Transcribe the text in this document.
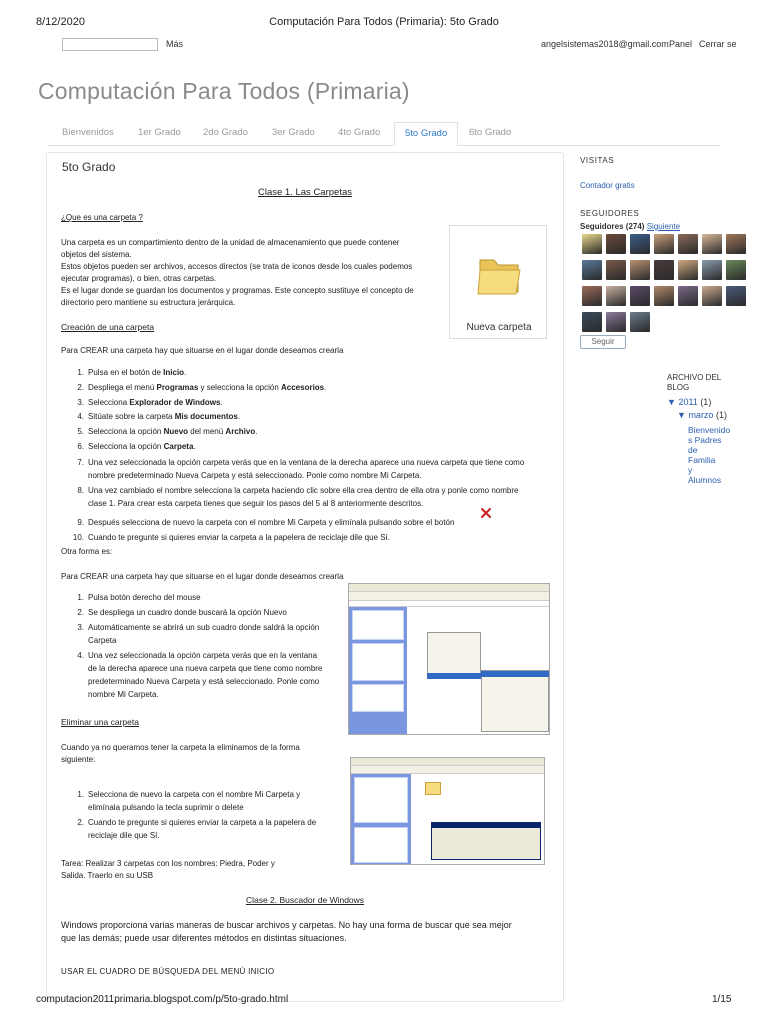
8/12/2020	Computación Para Todos (Primaria): 5to Grado
Más	angelsistemas2018@gmail.com Panel Cerrar se
Computación Para Todos (Primaria)
Bienvenidos	1er Grado	2do Grado	3er Grado	4to Grado	5to Grado	6to Grado
5to Grado
Clase 1. Las Carpetas
¿Que es una carpeta ?
Una carpeta es un compartimiento dentro de la unidad de almacenamiento que puede contener
objetos del sistema.
Estos objetos pueden ser archivos, accesos directos (se trata de iconos desde los cuales podemos
ejecutar programas), o bien, otras carpetas.
Es el lugar donde se guardan los documentos y programas. Este concepto sustituye el concepto de
directorio pero mantiene su estructura jerárquica.
Nueva carpeta
Creación de una carpeta
Para CREAR una carpeta hay que situarse en el lugar donde deseamos crearla
1. Pulsa en el botón de Inicio.
2. Despliega el menú Programas y selecciona la opción Accesorios.
3. Selecciona Explorador de Windows.
4. Sitúate sobre la carpeta Mis documentos.
5. Selecciona la opción Nuevo del menú Archivo.
6. Selecciona la opción Carpeta.
7. Una vez seleccionada la opción carpeta verás que en la ventana de la derecha aparece una nueva carpeta que tiene como
nombre predeterminado Nueva Carpeta y está seleccionado. Ponle como nombre Mi Carpeta.
8. Una vez cambiado el nombre selecciona la carpeta haciendo clic sobre ella crea dentro de ella otra y ponle como nombre
clase 1. Para crear esta carpeta tienes que seguir los pasos del 5 al 8 anteriormente descritos.
9. Después selecciona de nuevo la carpeta con el nombre Mi Carpeta y elimínala pulsando sobre el botón
10. Cuando te pregunte si quieres enviar la carpeta a la papelera de reciclaje dile que Sí.
Otra forma es:
Para CREAR una carpeta hay que situarse en el lugar donde deseamos crearla
1. Pulsa botón derecho del mouse
2. Se despliega un cuadro donde buscará la opción Nuevo
3. Automáticamente se abrirá un sub cuadro donde saldrá la opción
Carpeta
4. Una vez seleccionada la opción carpeta verás que en la ventana
de la derecha aparece una nueva carpeta que tiene como nombre
predeterminado Nueva Carpeta y está seleccionado. Ponle como
nombre Mi Carpeta.
Eliminar una carpeta
Cuando ya no queramos tener la carpeta la eliminamos de la forma
siguiente:
1. Selecciona de nuevo la carpeta con el nombre Mi Carpeta y
elimínala pulsando la tecla suprimir o delete
2. Cuando te pregunte si quieres enviar la carpeta a la papelera de
reciclaje dile que Sí.
Tarea: Realizar 3 carpetas con los nombres: Piedra, Poder y
Salida. Traerlo en su USB
Clase 2. Buscador de Windows
Windows proporciona varias maneras de buscar archivos y carpetas. No hay una forma de buscar que sea mejor
que las demás; puede usar diferentes métodos en distintas situaciones.
USAR EL CUADRO DE BÚSQUEDA DEL MENÚ INICIO
VISITAS
Contador gratis
SEGUIDORES
Seguidores (274) Siguiente
Seguir
ARCHIVO DEL
BLOG
▼ 2011 (1)
▼ marzo (1)
Bienvenido
s Padres
de
Familia
y
Alumnos
computacion2011primaria.blogspot.com/p/5to-grado.html	1/15
